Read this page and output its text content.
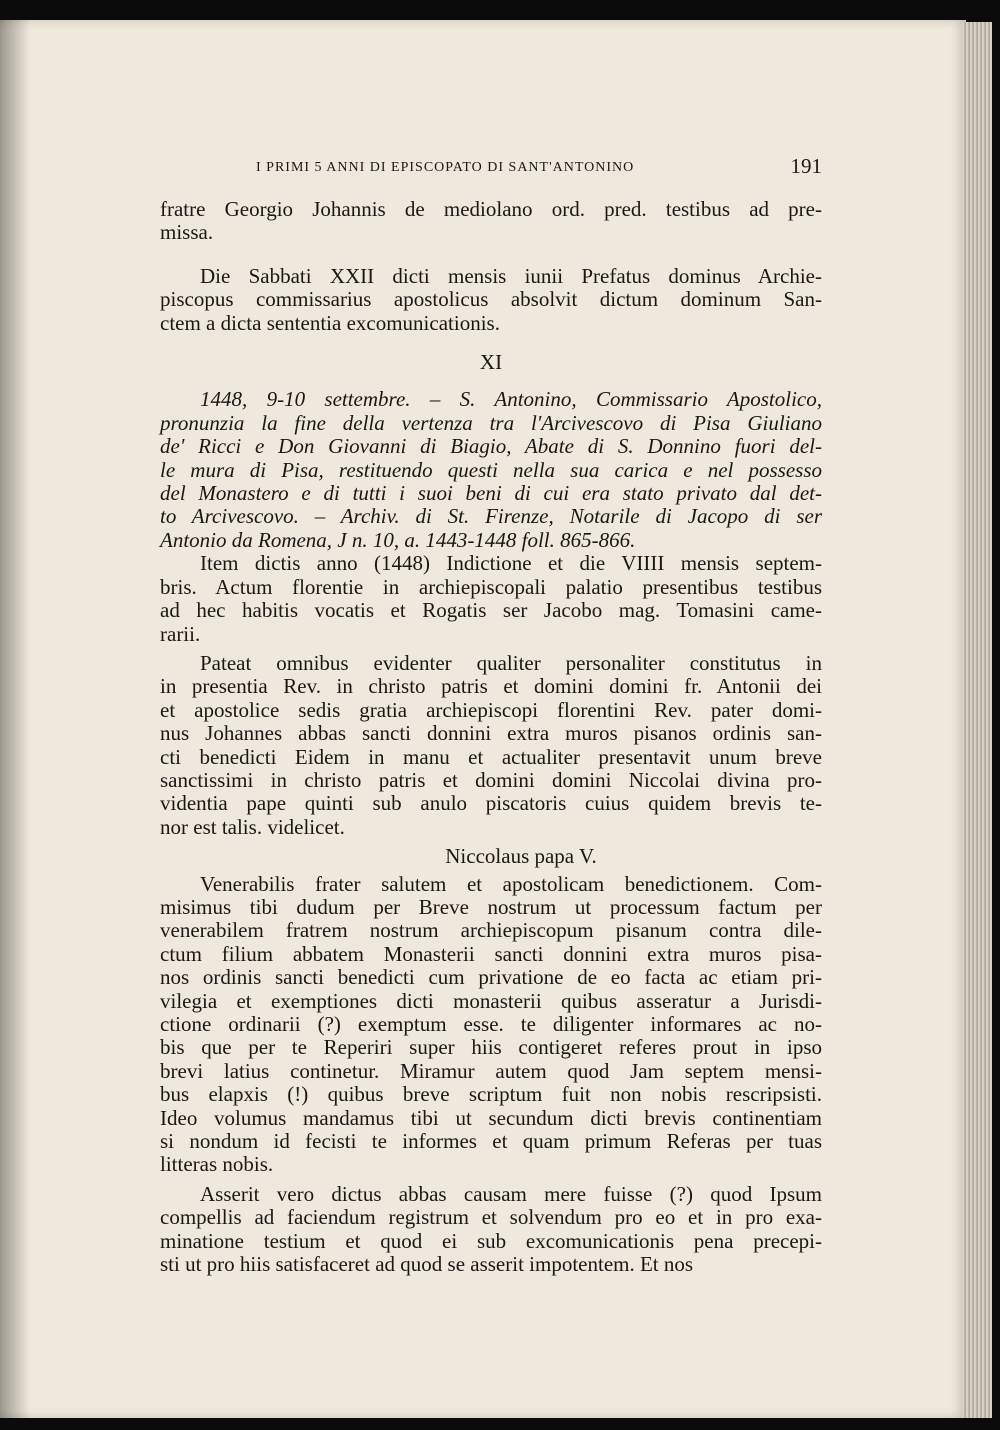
I PRIMI 5 ANNI DI EPISCOPATO DI SANT'ANTONINO	191
fratre Georgio Johannis de mediolano ord. pred. testibus ad pre-
missa.
Die Sabbati XXII dicti mensis iunii Prefatus dominus Archie-
piscopus commissarius apostolicus absolvit dictum dominum San-
ctem a dicta sententia excomunicationis.
XI
1448, 9-10 settembre. – S. Antonino, Commissario Apostolico,
pronunzia la fine della vertenza tra l'Arcivescovo di Pisa Giuliano
de' Ricci e Don Giovanni di Biagio, Abate di S. Donnino fuori del-
le mura di Pisa, restituendo questi nella sua carica e nel possesso
del Monastero e di tutti i suoi beni di cui era stato privato dal det-
to Arcivescovo. – Archiv. di St. Firenze, Notarile di Jacopo di ser
Antonio da Romena, J n. 10, a. 1443-1448 foll. 865-866.
Item dictis anno (1448) Indictione et die VIIII mensis septem-
bris. Actum florentie in archiepiscopali palatio presentibus testibus
ad hec habitis vocatis et Rogatis ser Jacobo mag. Tomasini came-
rarii.
Pateat omnibus evidenter qualiter personaliter constitutus in
in presentia Rev. in christo patris et domini domini fr. Antonii dei
et apostolice sedis gratia archiepiscopi florentini Rev. pater domi-
nus Johannes abbas sancti donnini extra muros pisanos ordinis san-
cti benedicti Eidem in manu et actualiter presentavit unum breve
sanctissimi in christo patris et domini domini Niccolai divina pro-
videntia pape quinti sub anulo piscatoris cuius quidem brevis te-
nor est talis. videlicet.
Niccolaus papa V.
Venerabilis frater salutem et apostolicam benedictionem. Com-
misimus tibi dudum per Breve nostrum ut processum factum per
venerabilem fratrem nostrum archiepiscopum pisanum contra dile-
ctum filium abbatem Monasterii sancti donnini extra muros pisa-
nos ordinis sancti benedicti cum privatione de eo facta ac etiam pri-
vilegia et exemptiones dicti monasterii quibus asseratur a Jurisdi-
ctione ordinarii (?) exemptum esse. te diligenter informares ac no-
bis que per te Reperiri super hiis contigeret referes prout in ipso
brevi latius continetur. Miramur autem quod Jam septem mensi-
bus elapxis (!) quibus breve scriptum fuit non nobis rescripsisti.
Ideo volumus mandamus tibi ut secundum dicti brevis continentiam
si nondum id fecisti te informes et quam primum Referas per tuas
litteras nobis.
Asserit vero dictus abbas causam mere fuisse (?) quod Ipsum
compellis ad faciendum registrum et solvendum pro eo et in pro exa-
minatione testium et quod ei sub excomunicationis pena precepi-
sti ut pro hiis satisfaceret ad quod se asserit impotentem. Et nos
